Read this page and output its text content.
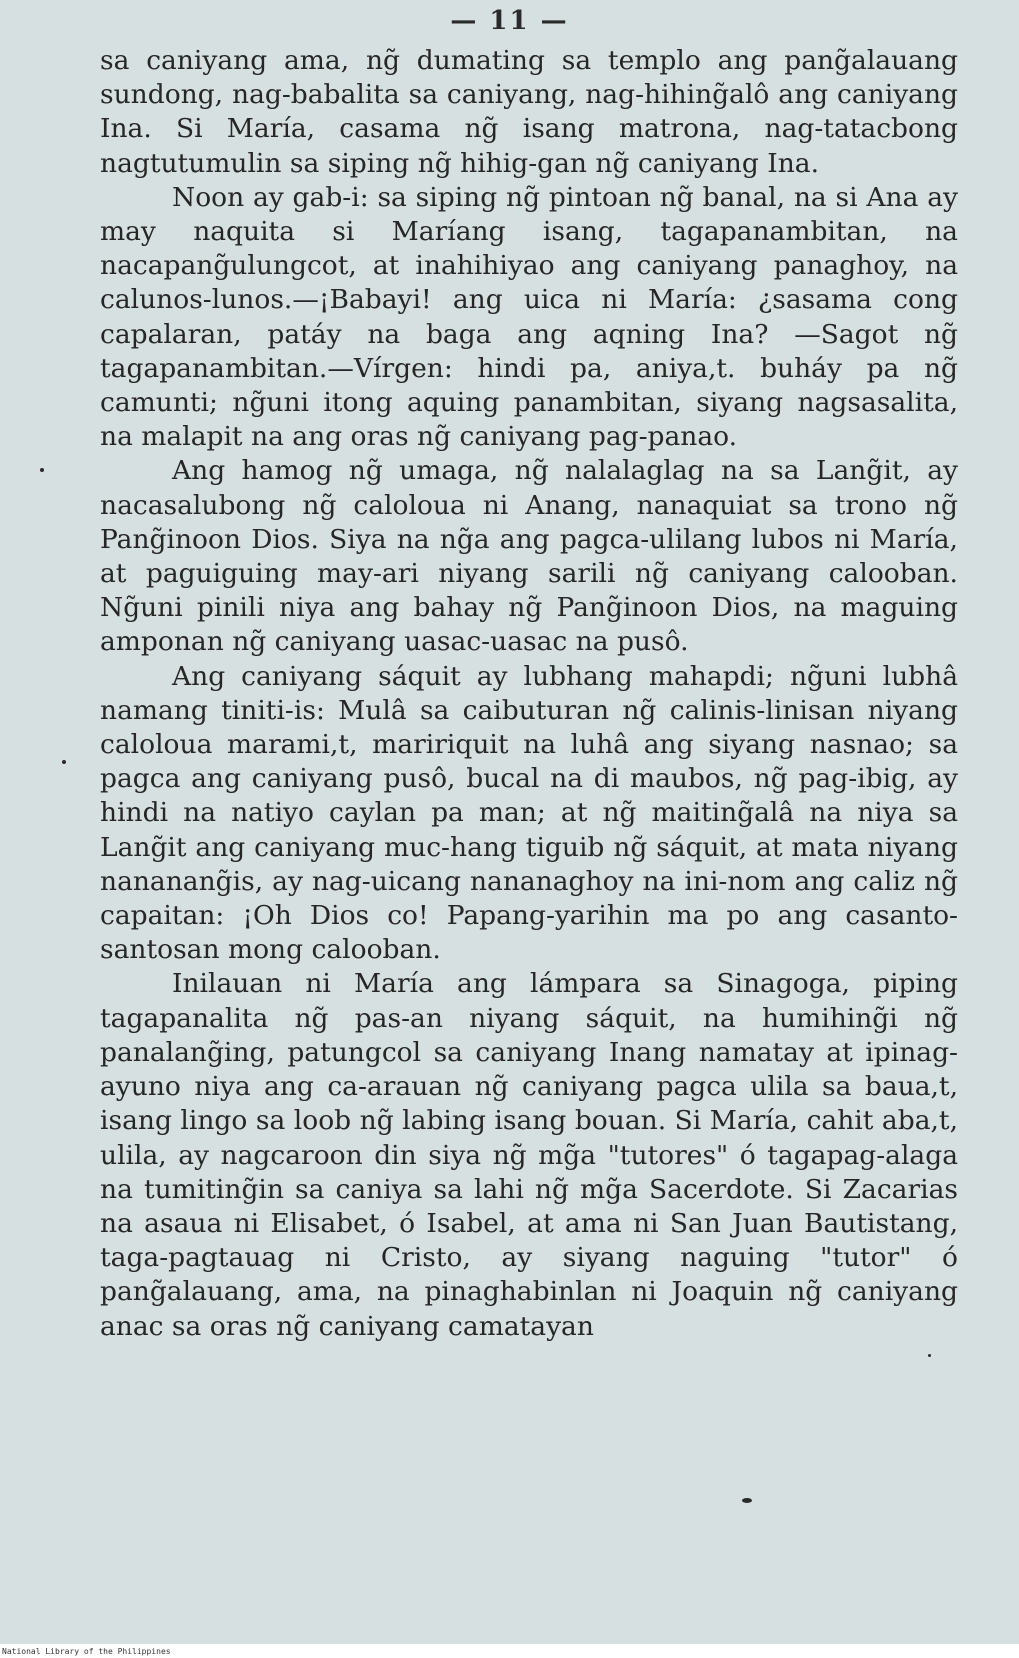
— 11 —

sa caniyang ama, ng̃ dumating sa templo ang pang̃alauang sundong, nag-babalita sa caniyang, nag-hihing̃alô ang caniyang Ina. Si María, casama ng̃ isang matrona, nag-tatacbong nagtutumulin sa siping ng̃ hihig-gan ng̃ caniyang Ina.

Noon ay gab-i: sa siping ng̃ pintoan ng̃ banal, na si Ana ay may naquita si Maríang isang, tagapanambitan, na nacapang̃ulungcot, at inahihiyao ang caniyang panaghoy, na calunos-lunos.—¡Babayi! ang uica ni María: ¿sasama cong capalaran, patáy na baga ang aqning Ina? —Sagot ng̃ tagapanambitan.—Vírgen: hindi pa, aniya,t. buháy pa ng̃ camunti; ng̃uni itong aquing panambitan, siyang nagsasalita, na malapit na ang oras ng̃ caniyang pag-panao.

Ang hamog ng̃ umaga, ng̃ nalalaglag na sa Lang̃it, ay nacasalubong ng̃ caloloua ni Anang, nanaquiat sa trono ng̃ Pang̃inoon Dios. Siya na ng̃a ang pagca-ulilang lubos ni María, at paguiguing may-ari niyang sarili ng̃ caniyang calooban. Ng̃uni pinili niya ang bahay ng̃ Pang̃inoon Dios, na maguing amponan ng̃ caniyang uasac-uasac na pusô.

Ang caniyang sáquit ay lubhang mahapdi; ng̃uni lubhâ namang tiniti-is: Mulâ sa caibuturan ng̃ calinis-linisan niyang caloloua marami,t, maririquit na luhâ ang siyang nasnao; sa pagca ang caniyang pusô, bucal na di maubos, ng̃ pag-ibig, ay hindi na natiyo caylan pa man; at ng̃ maiting̃alâ na niya sa Lang̃it ang caniyang muc-hang tiguib ng̃ sáquit, at mata niyang nananang̃is, ay nag-uicang nananaghoy na ini-nom ang caliz ng̃ capaitan: ¡Oh Dios co! Papang-yarihin ma po ang casanto-santosan mong calooban.

Inilauan ni María ang lámpara sa Sinagoga, piping tagapanalita ng̃ pas-an niyang sáquit, na humihing̃i ng̃ panalang̃ing, patungcol sa caniyang Inang namatay at ipinag-ayuno niya ang ca-arauan ng̃ caniyang pagca ulila sa baua,t, isang lingo sa loob ng̃ labing isang bouan. Si María, cahit aba,t, ulila, ay nagcaroon din siya ng̃ mg̃a "tutores" ó tagapag-alaga na tumiting̃in sa caniya sa lahi ng̃ mg̃a Sacerdote. Si Zacarias na asaua ni Elisabet, ó Isabel, at ama ni San Juan Bautistang, taga-pagtauag ni Cristo, ay siyang naguing "tutor" ó pang̃alauang, ama, na pinaghabinlan ni Joaquin ng̃ caniyang anac sa oras ng̃ caniyang camatayan

National Library of the Philippines
